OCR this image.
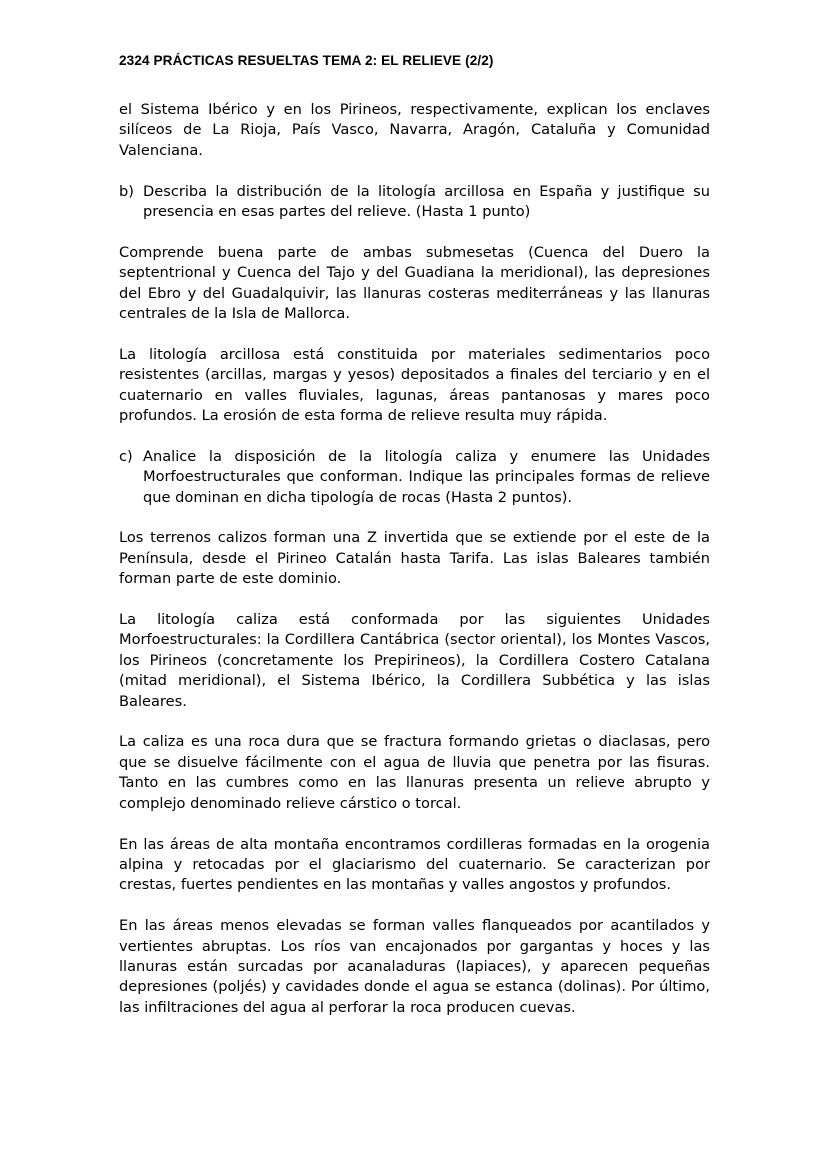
2324 PRÁCTICAS RESUELTAS TEMA 2: EL RELIEVE (2/2)

el Sistema Ibérico y en los Pirineos, respectivamente, explican los enclaves silíceos de La Rioja, País Vasco, Navarra, Aragón, Cataluña y Comunidad Valenciana.

b) Describa la distribución de la litología arcillosa en España y justifique su presencia en esas partes del relieve. (Hasta 1 punto)

Comprende buena parte de ambas submesetas (Cuenca del Duero la septentrional y Cuenca del Tajo y del Guadiana la meridional), las depresiones del Ebro y del Guadalquivir, las llanuras costeras mediterráneas y las llanuras centrales de la Isla de Mallorca.

La litología arcillosa está constituida por materiales sedimentarios poco resistentes (arcillas, margas y yesos) depositados a finales del terciario y en el cuaternario en valles fluviales, lagunas, áreas pantanosas y mares poco profundos. La erosión de esta forma de relieve resulta muy rápida.

c) Analice la disposición de la litología caliza y enumere las Unidades Morfoestructurales que conforman. Indique las principales formas de relieve que dominan en dicha tipología de rocas (Hasta 2 puntos).

Los terrenos calizos forman una Z invertida que se extiende por el este de la Península, desde el Pirineo Catalán hasta Tarifa. Las islas Baleares también forman parte de este dominio.

La litología caliza está conformada por las siguientes Unidades Morfoestructurales: la Cordillera Cantábrica (sector oriental), los Montes Vascos, los Pirineos (concretamente los Prepirineos), la Cordillera Costero Catalana (mitad meridional), el Sistema Ibérico, la Cordillera Subbética y las islas Baleares.

La caliza es una roca dura que se fractura formando grietas o diaclasas, pero que se disuelve fácilmente con el agua de lluvia que penetra por las fisuras. Tanto en las cumbres como en las llanuras presenta un relieve abrupto y complejo denominado relieve cárstico o torcal.

En las áreas de alta montaña encontramos cordilleras formadas en la orogenia alpina y retocadas por el glaciarismo del cuaternario. Se caracterizan por crestas, fuertes pendientes en las montañas y valles angostos y profundos.

En las áreas menos elevadas se forman valles flanqueados por acantilados y vertientes abruptas. Los ríos van encajonados por gargantas y hoces y las llanuras están surcadas por acanaladuras (lapiaces), y aparecen pequeñas depresiones (poljés) y cavidades donde el agua se estanca (dolinas). Por último, las infiltraciones del agua al perforar la roca producen cuevas.
